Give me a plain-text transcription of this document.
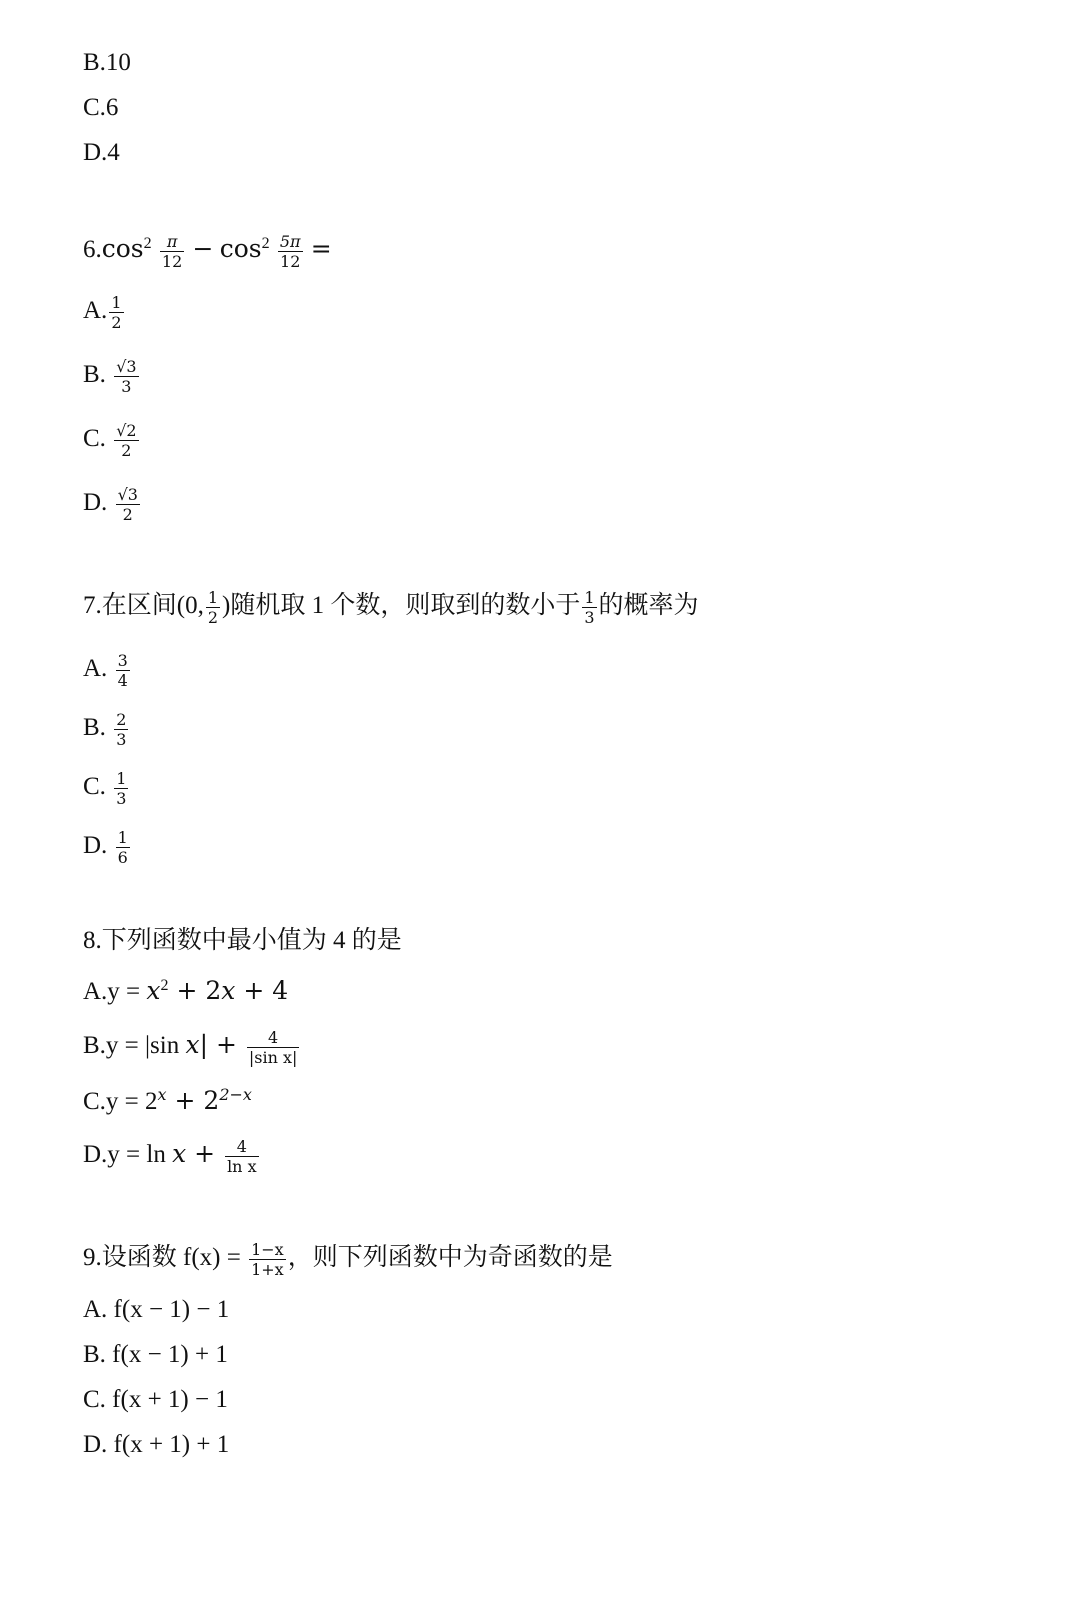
B.10
C.6
D.4
$6.\cos^2 \frac{\pi}{12} - \cos^2 \frac{5\pi}{12}$ =
A. $\frac{1}{2}$
B. $\frac{√3}{3}$
C. $\frac{√2}{2}$
D. $\frac{√3}{2}$
7.在区间(0, $\frac{1}{2}$ )随机取 1 个数，则取到的数小于 $\frac{1}{3}$ 的概率为
A. $\frac{3}{4}$
B. $\frac{2}{3}$
C. $\frac{1}{3}$
D. $\frac{1}{6}$
8.下列函数中最小值为 4 的是
$A.y = x^2 + 2x + 4$
B.y = |sin $x| + \frac{4}{\text{|sin x|}}$
$C.y = 2^x + 2^{2-x}$
$D.y = \ln x + \frac{4}{\text{ln x}}$
9.设函数 $f(x) = \frac{1-x}{1+x}$ ，则下列函数中为奇函数的是
A. f(x − 1) − 1
B. f(x − 1) + 1
C. f(x + 1) − 1
D. f(x + 1) + 1
